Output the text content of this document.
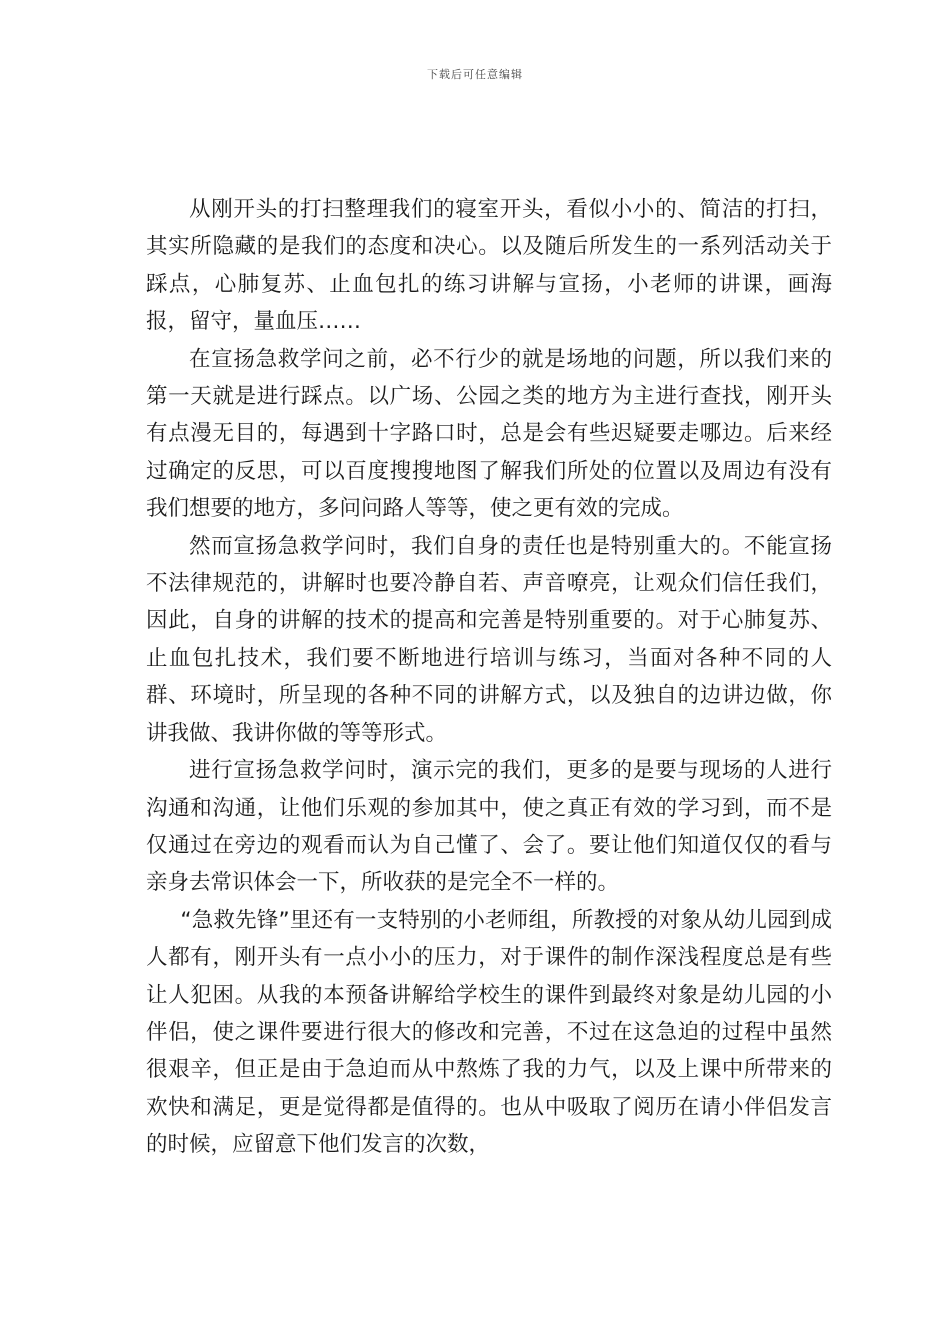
下载后可任意编辑

从刚开头的打扫整理我们的寝室开头，看似小小的、简洁的打扫，其实所隐藏的是我们的态度和决心。以及随后所发生的一系列活动关于踩点，心肺复苏、止血包扎的练习讲解与宣扬，小老师的讲课，画海报，留守，量血压……

在宣扬急救学问之前，必不行少的就是场地的问题，所以我们来的第一天就是进行踩点。以广场、公园之类的地方为主进行查找，刚开头有点漫无目的，每遇到十字路口时，总是会有些迟疑要走哪边。后来经过确定的反思，可以百度搜搜地图了解我们所处的位置以及周边有没有我们想要的地方，多问问路人等等，使之更有效的完成。

然而宣扬急救学问时，我们自身的责任也是特别重大的。不能宣扬不法律规范的，讲解时也要冷静自若、声音嘹亮，让观众们信任我们，因此，自身的讲解的技术的提高和完善是特别重要的。对于心肺复苏、止血包扎技术，我们要不断地进行培训与练习，当面对各种不同的人群、环境时，所呈现的各种不同的讲解方式，以及独自的边讲边做，你讲我做、我讲你做的等等形式。

进行宣扬急救学问时，演示完的我们，更多的是要与现场的人进行沟通和沟通，让他们乐观的参加其中，使之真正有效的学习到，而不是仅通过在旁边的观看而认为自己懂了、会了。要让他们知道仅仅的看与亲身去常识体会一下，所收获的是完全不一样的。

“急救先锋”里还有一支特别的小老师组，所教授的对象从幼儿园到成人都有，刚开头有一点小小的压力，对于课件的制作深浅程度总是有些让人犯困。从我的本预备讲解给学校生的课件到最终对象是幼儿园的小伴侣，使之课件要进行很大的修改和完善，不过在这急迫的过程中虽然很艰辛，但正是由于急迫而从中熬炼了我的力气，以及上课中所带来的欢快和满足，更是觉得都是值得的。也从中吸取了阅历在请小伴侣发言的时候，应留意下他们发言的次数，
